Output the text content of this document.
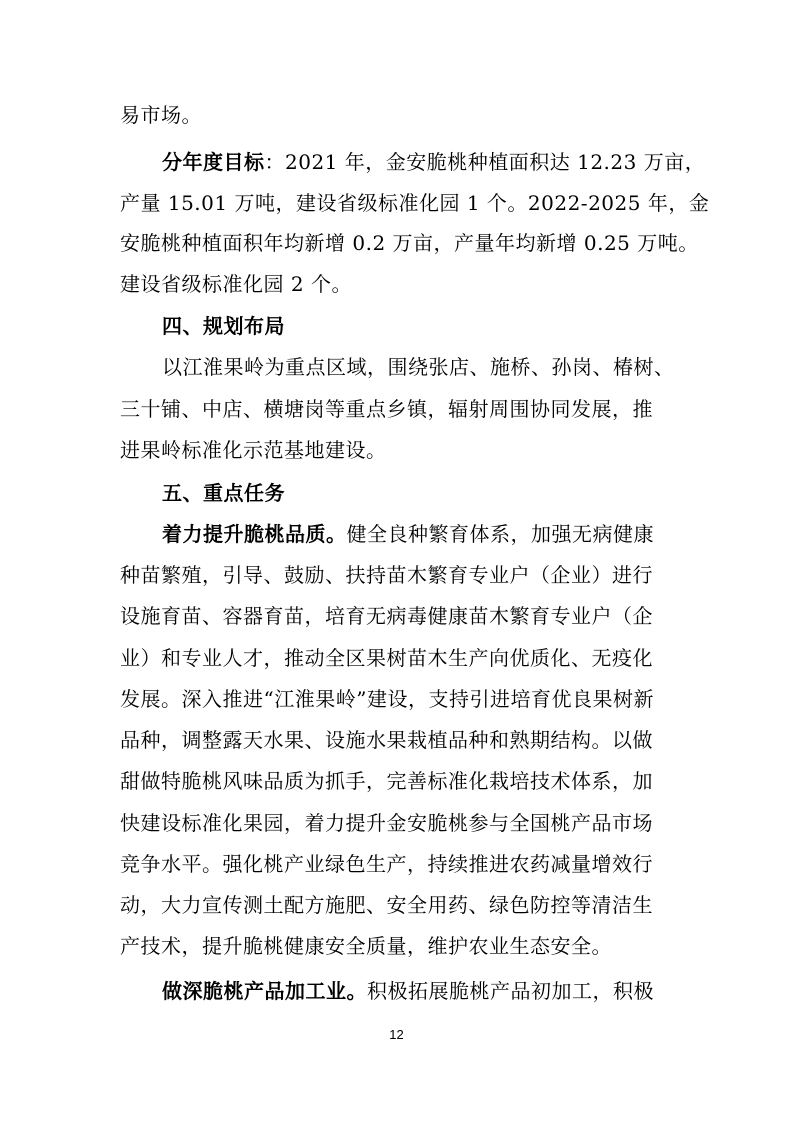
易市场。
分年度目标：2021 年，金安脆桃种植面积达 12.23 万亩，
产量 15.01 万吨，建设省级标准化园 1 个。2022-2025 年，金
安脆桃种植面积年均新增 0.2 万亩，产量年均新增 0.25 万吨。
建设省级标准化园 2 个。
四、规划布局
以江淮果岭为重点区域，围绕张店、施桥、孙岗、椿树、
三十铺、中店、横塘岗等重点乡镇，辐射周围协同发展，推
进果岭标准化示范基地建设。
五、重点任务
着力提升脆桃品质。健全良种繁育体系，加强无病健康
种苗繁殖，引导、鼓励、扶持苗木繁育专业户（企业）进行
设施育苗、容器育苗，培育无病毒健康苗木繁育专业户（企
业）和专业人才，推动全区果树苗木生产向优质化、无疫化
发展。深入推进“江淮果岭”建设，支持引进培育优良果树新
品种，调整露天水果、设施水果栽植品种和熟期结构。以做
甜做特脆桃风味品质为抓手，完善标准化栽培技术体系，加
快建设标准化果园，着力提升金安脆桃参与全国桃产品市场
竞争水平。强化桃产业绿色生产，持续推进农药减量增效行
动，大力宣传测土配方施肥、安全用药、绿色防控等清洁生
产技术，提升脆桃健康安全质量，维护农业生态安全。
做深脆桃产品加工业。积极拓展脆桃产品初加工，积极
12
